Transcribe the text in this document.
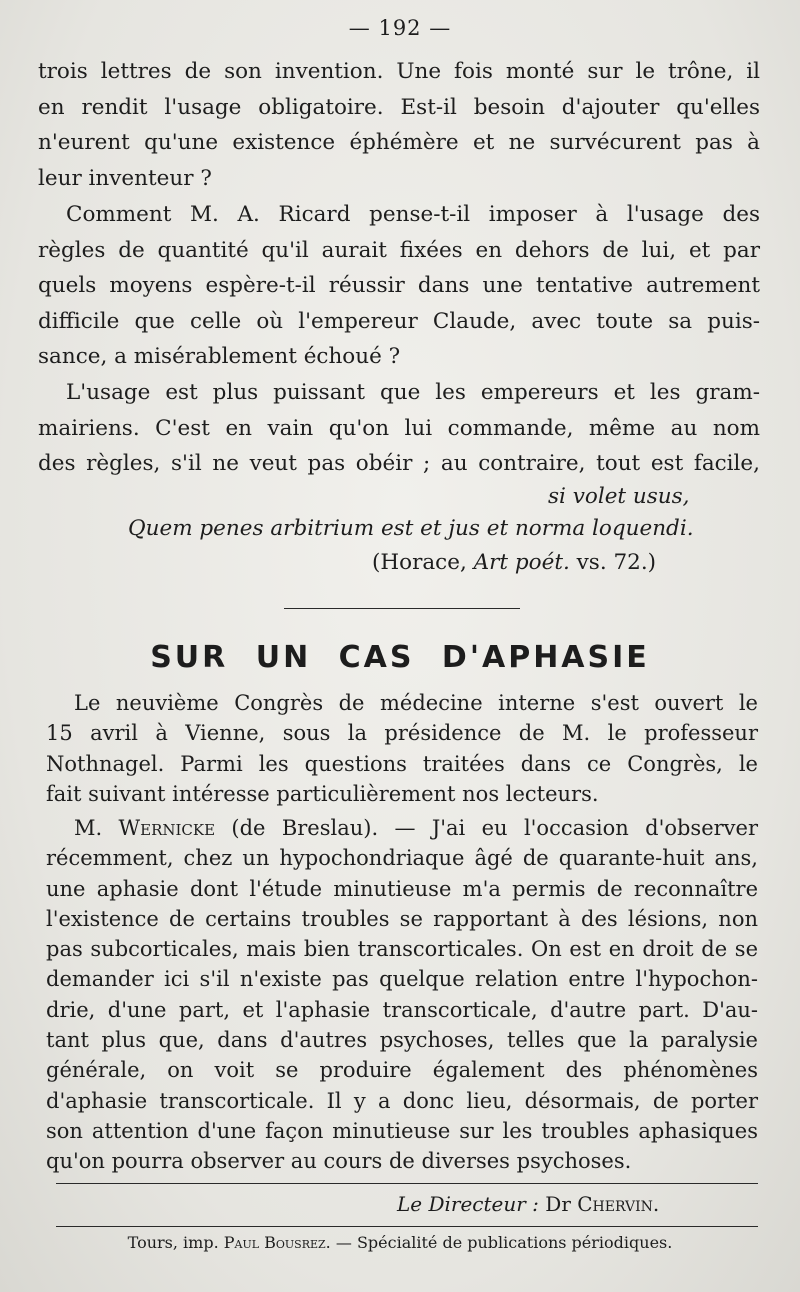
— 192 —
trois lettres de son invention. Une fois monté sur le trône, il
en rendit l'usage obligatoire. Est-il besoin d'ajouter qu'elles
n'eurent qu'une existence éphémère et ne survécurent pas à
leur inventeur ?
Comment M. A. Ricard pense-t-il imposer à l'usage des
règles de quantité qu'il aurait fixées en dehors de lui, et par
quels moyens espère-t-il réussir dans une tentative autrement
difficile que celle où l'empereur Claude, avec toute sa puis-
sance, a misérablement échoué ?
L'usage est plus puissant que les empereurs et les gram-
mairiens. C'est en vain qu'on lui commande, même au nom
des règles, s'il ne veut pas obéir ; au contraire, tout est facile,
si volet usus,
Quem penes arbitrium est et jus et norma loquendi.
(Horace, Art poét. vs. 72.)
SUR UN CAS D'APHASIE
Le neuvième Congrès de médecine interne s'est ouvert le
15 avril à Vienne, sous la présidence de M. le professeur
Nothnagel. Parmi les questions traitées dans ce Congrès, le
fait suivant intéresse particulièrement nos lecteurs.
M. Wernicke (de Breslau). — J'ai eu l'occasion d'observer
récemment, chez un hypochondriaque âgé de quarante-huit ans,
une aphasie dont l'étude minutieuse m'a permis de reconnaître
l'existence de certains troubles se rapportant à des lésions, non
pas subcorticales, mais bien transcorticales. On est en droit de se
demander ici s'il n'existe pas quelque relation entre l'hypochon-
drie, d'une part, et l'aphasie transcorticale, d'autre part. D'au-
tant plus que, dans d'autres psychoses, telles que la paralysie
générale, on voit se produire également des phénomènes
d'aphasie transcorticale. Il y a donc lieu, désormais, de porter
son attention d'une façon minutieuse sur les troubles aphasiques
qu'on pourra observer au cours de diverses psychoses.
Le Directeur : Dr Chervin.
Tours, imp. Paul Bousrez. — Spécialité de publications périodiques.
